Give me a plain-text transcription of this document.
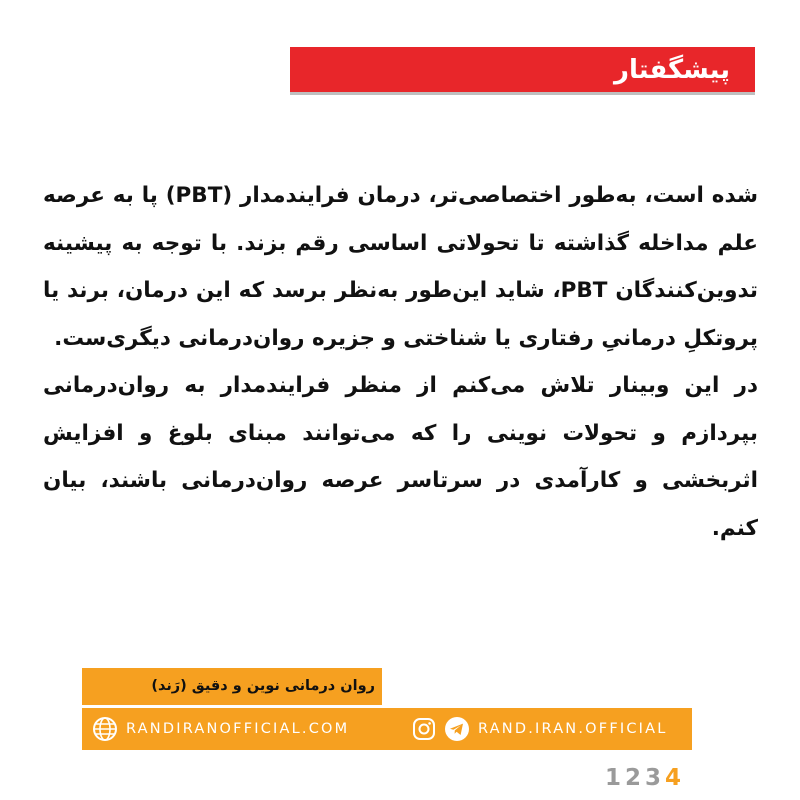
پیشگفتار

شده است، به‌طور اختصاصی‌تر، درمان فرایندمدار (PBT) پا به عرصه علم مداخله گذاشته تا تحولاتی اساسی رقم بزند. با توجه به پیشینه تدوین‌کنندگان PBT، شاید این‌طور به‌نظر برسد که این درمان، برند یا پروتکلِ درمانیِ رفتاری یا شناختی و جزیره روان‌درمانی دیگری‌ست.

در این وبینار تلاش می‌کنم از منظر فرایندمدار به روان‌درمانی بپردازم و تحولات نوینی را که می‌توانند مبنای بلوغ و افزایش اثربخشی و کارآمدی در سرتاسر عرصه روان‌درمانی باشند، بیان کنم.

روان درمانی نوین و دقیق (رَند)
RANDIRANOFFICIAL.COM	RAND.IRAN.OFFICIAL
1234
